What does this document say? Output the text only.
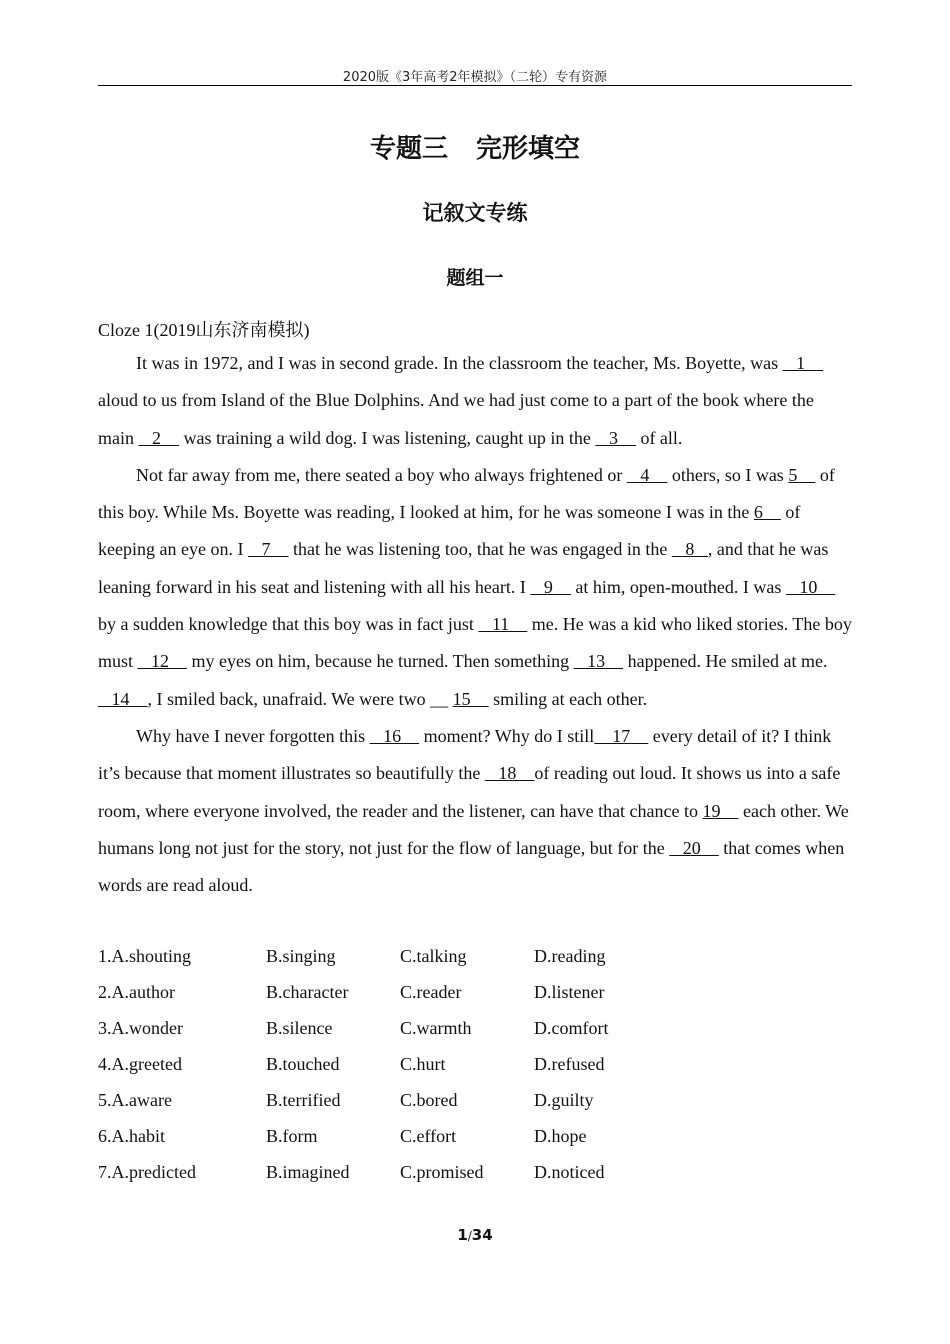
2020版《3年高考2年模拟》（二轮）专有资源
专题三 完形填空
记叙文专练
题组一
Cloze 1(2019山东济南模拟)

It was in 1972, and I was in second grade. In the classroom the teacher, Ms. Boyette, was    1     aloud to us from Island of the Blue Dolphins. And we had just come to a part of the book where the main    2     was training a wild dog. I was listening, caught up in the    3     of all.

Not far away from me, there seated a boy who always frightened or    4     others, so I was 5     of this boy. While Ms. Boyette was reading, I looked at him, for he was someone I was in the 6     of keeping an eye on. I    7     that he was listening too, that he was engaged in the    8   , and that he was leaning forward in his seat and listening with all his heart. I    9     at him, open-mouthed. I was    10     by a sudden knowledge that this boy was in fact just    11     me. He was a kid who liked stories. The boy must    12     my eyes on him, because he turned. Then something    13     happened. He smiled at me.    14    , I smiled back, unafraid. We were two __ 15     smiling at each other.

Why have I never forgotten this    16     moment? Why do I still    17     every detail of it? I think it’s because that moment illustrates so beautifully the    18    of reading out loud. It shows us into a safe room, where everyone involved, the reader and the listener, can have that chance to 19     each other. We humans long not just for the story, not just for the flow of language, but for the    20     that comes when words are read aloud.

1.A.shouting	B.singing	C.talking	D.reading
2.A.author	B.character	C.reader	D.listener
3.A.wonder	B.silence	C.warmth	D.comfort
4.A.greeted	B.touched	C.hurt	D.refused
5.A.aware	B.terrified	C.bored	D.guilty
6.A.habit	B.form	C.effort	D.hope
7.A.predicted	B.imagined	C.promised	D.noticed
1/34
